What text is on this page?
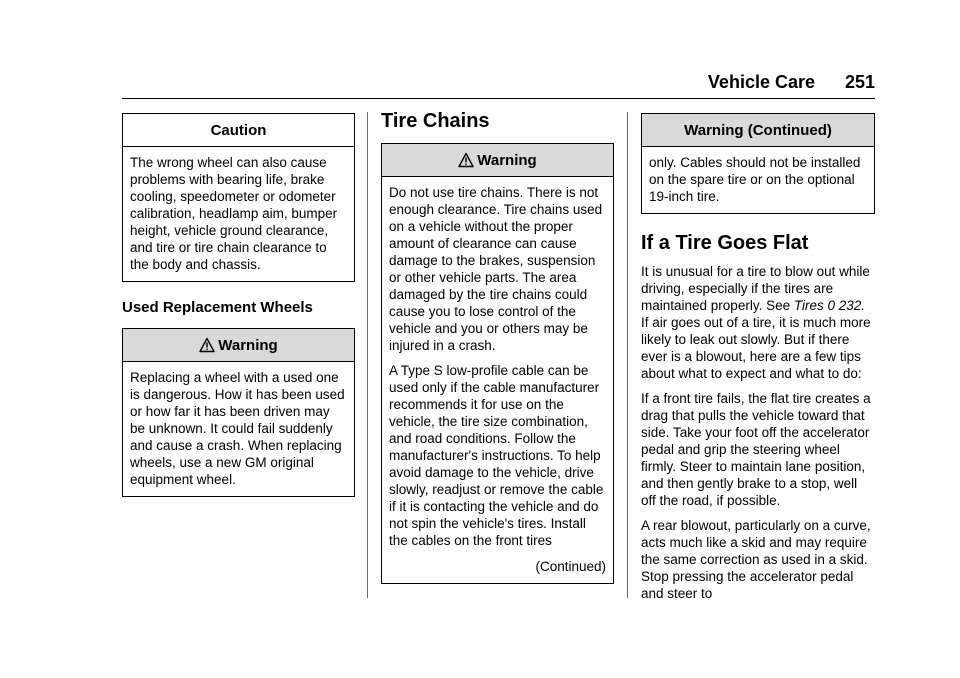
Vehicle Care 251
Caution

The wrong wheel can also cause problems with bearing life, brake cooling, speedometer or odometer calibration, headlamp aim, bumper height, vehicle ground clearance, and tire or tire chain clearance to the body and chassis.

Used Replacement Wheels
Warning

Replacing a wheel with a used one is dangerous. How it has been used or how far it has been driven may be unknown. It could fail suddenly and cause a crash. When replacing wheels, use a new GM original equipment wheel.

Tire Chains
Warning

Do not use tire chains. There is not enough clearance. Tire chains used on a vehicle without the proper amount of clearance can cause damage to the brakes, suspension or other vehicle parts. The area damaged by the tire chains could cause you to lose control of the vehicle and you or others may be injured in a crash.

A Type S low-profile cable can be used only if the cable manufacturer recommends it for use on the vehicle, the tire size combination, and road conditions. Follow the manufacturer's instructions. To help avoid damage to the vehicle, drive slowly, readjust or remove the cable if it is contacting the vehicle and do not spin the vehicle's tires. Install the cables on the front tires

(Continued)
Warning (Continued)

only. Cables should not be installed on the spare tire or on the optional 19-inch tire.

If a Tire Goes Flat

It is unusual for a tire to blow out while driving, especially if the tires are maintained properly. See Tires 0 232. If air goes out of a tire, it is much more likely to leak out slowly. But if there ever is a blowout, here are a few tips about what to expect and what to do:

If a front tire fails, the flat tire creates a drag that pulls the vehicle toward that side. Take your foot off the accelerator pedal and grip the steering wheel firmly. Steer to maintain lane position, and then gently brake to a stop, well off the road, if possible.

A rear blowout, particularly on a curve, acts much like a skid and may require the same correction as used in a skid. Stop pressing the accelerator pedal and steer to
